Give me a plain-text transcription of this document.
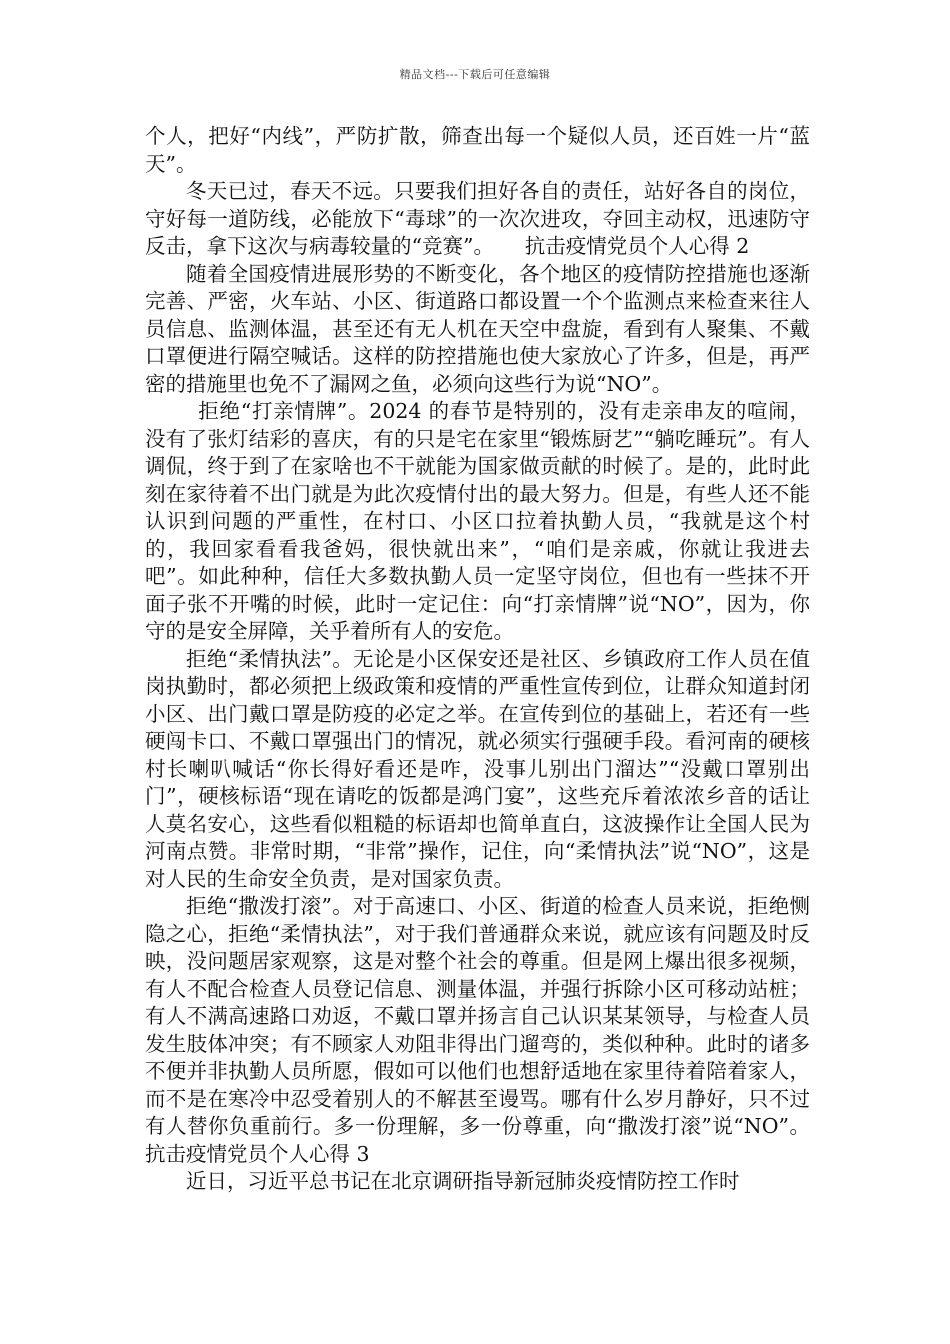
精品文档---下载后可任意编辑

个人，把好“内线”，严防扩散，筛查出每一个疑似人员，还百姓一片“蓝天”。

冬天已过，春天不远。只要我们担好各自的责任，站好各自的岗位，守好每一道防线，必能放下“毒球”的一次次进攻，夺回主动权，迅速防守反击，拿下这次与病毒较量的“竞赛”。　　抗击疫情党员个人心得 2

随着全国疫情进展形势的不断变化，各个地区的疫情防控措施也逐渐完善、严密，火车站、小区、街道路口都设置一个个监测点来检查来往人员信息、监测体温，甚至还有无人机在天空中盘旋，看到有人聚集、不戴口罩便进行隔空喊话。这样的防控措施也使大家放心了许多，但是，再严密的措施里也免不了漏网之鱼，必须向这些行为说“NO”。

拒绝“打亲情牌”。2024 的春节是特别的，没有走亲串友的喧闹，没有了张灯结彩的喜庆，有的只是宅在家里“锻炼厨艺”“躺吃睡玩”。有人调侃，终于到了在家啥也不干就能为国家做贡献的时候了。是的，此时此刻在家待着不出门就是为此次疫情付出的最大努力。但是，有些人还不能认识到问题的严重性，在村口、小区口拉着执勤人员，“我就是这个村的，我回家看看我爸妈，很快就出来”，“咱们是亲戚，你就让我进去吧”。如此种种，信任大多数执勤人员一定坚守岗位，但也有一些抹不开面子张不开嘴的时候，此时一定记住：向“打亲情牌”说“NO”，因为，你守的是安全屏障，关乎着所有人的安危。

拒绝“柔情执法”。无论是小区保安还是社区、乡镇政府工作人员在值岗执勤时，都必须把上级政策和疫情的严重性宣传到位，让群众知道封闭小区、出门戴口罩是防疫的必定之举。在宣传到位的基础上，若还有一些硬闯卡口、不戴口罩强出门的情况，就必须实行强硬手段。看河南的硬核村长喇叭喊话“你长得好看还是咋，没事儿别出门溜达”“没戴口罩别出门”，硬核标语“现在请吃的饭都是鸿门宴”，这些充斥着浓浓乡音的话让人莫名安心，这些看似粗糙的标语却也简单直白，这波操作让全国人民为河南点赞。非常时期，“非常”操作，记住，向“柔情执法”说“NO”，这是对人民的生命安全负责，是对国家负责。

拒绝“撒泼打滚”。对于高速口、小区、街道的检查人员来说，拒绝恻隐之心，拒绝“柔情执法”，对于我们普通群众来说，就应该有问题及时反映，没问题居家观察，这是对整个社会的尊重。但是网上爆出很多视频，有人不配合检查人员登记信息、测量体温，并强行拆除小区可移动站桩；有人不满高速路口劝返，不戴口罩并扬言自己认识某某领导，与检查人员发生肢体冲突；有不顾家人劝阻非得出门遛弯的，类似种种。此时的诸多不便并非执勤人员所愿，假如可以他们也想舒适地在家里待着陪着家人，而不是在寒冷中忍受着别人的不解甚至谩骂。哪有什么岁月静好，只不过有人替你负重前行。多一份理解，多一份尊重，向“撒泼打滚”说“NO”。抗击疫情党员个人心得 3

近日，习近平总书记在北京调研指导新冠肺炎疫情防控工作时
